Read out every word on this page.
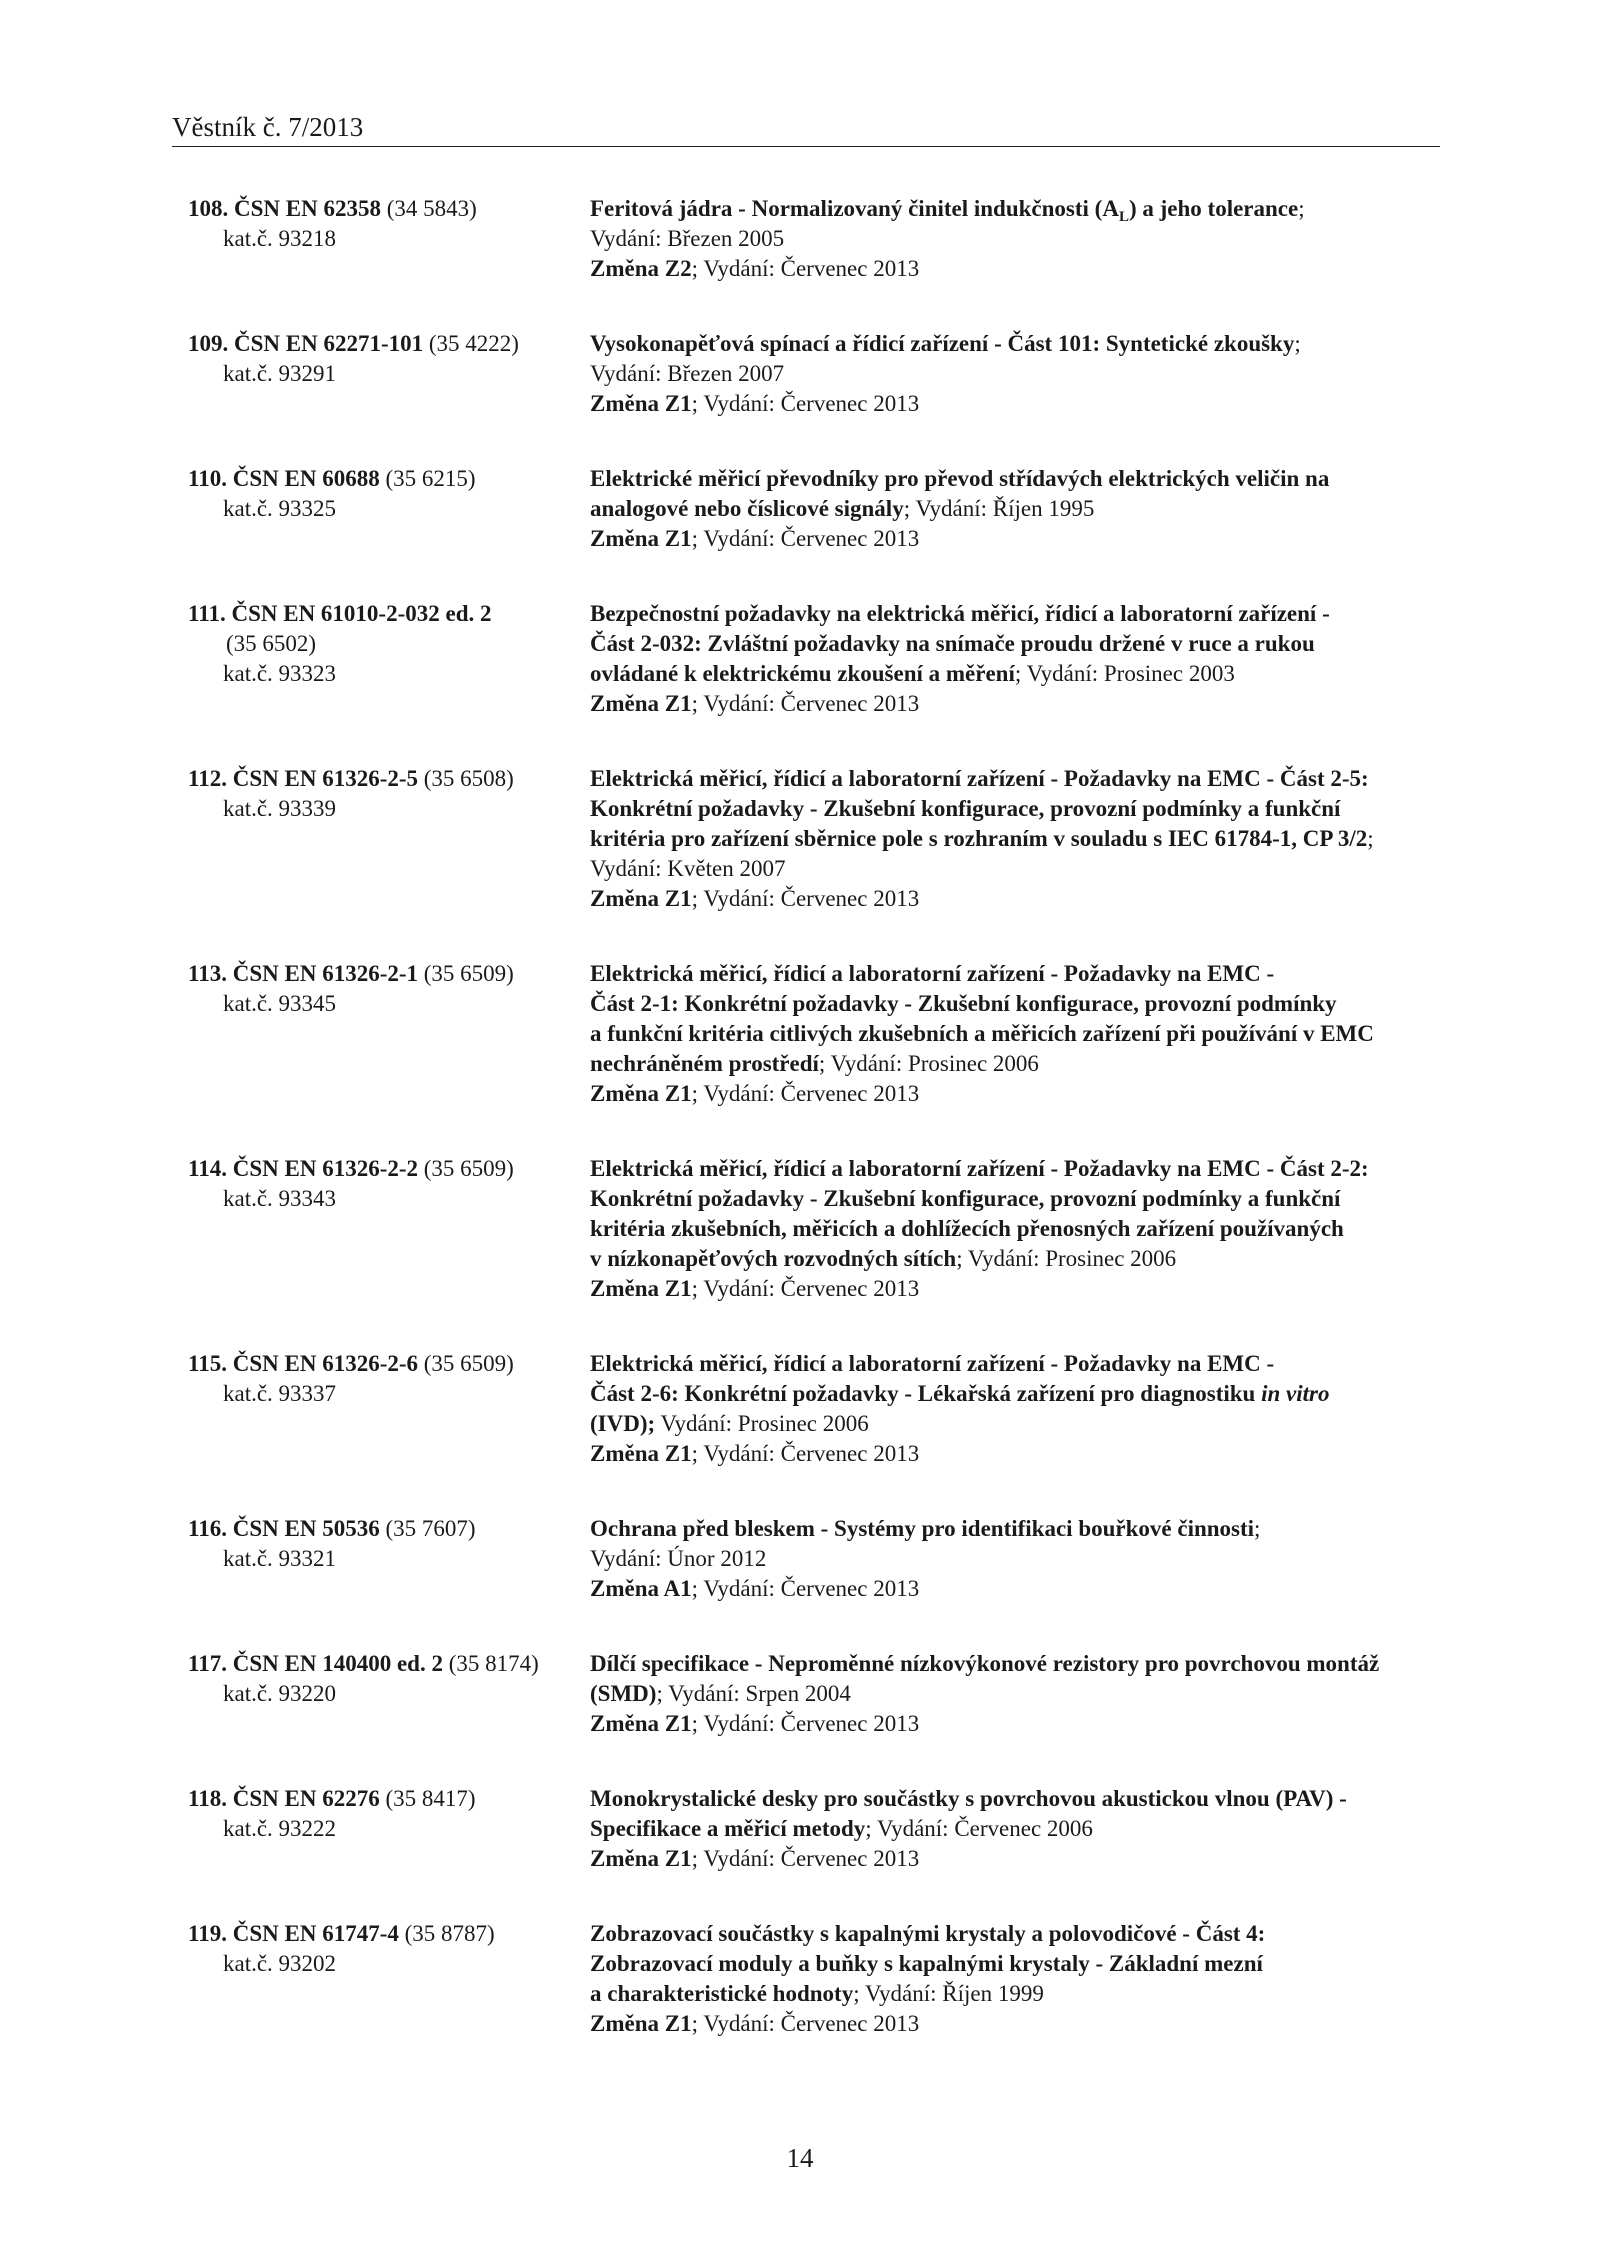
Věstník č. 7/2013
108. ČSN EN 62358 (34 5843)
kat.č. 93218
Feritová jádra - Normalizovaný činitel indukčnosti $(A_L)$ a jeho tolerance;
Vydání: Březen 2005
Změna Z2; Vydání: Červenec 2013
109. ČSN EN 62271-101 (35 4222)
kat.č. 93291
Vysokonapěťová spínací a řídicí zařízení - Část 101: Syntetické zkoušky;
Vydání: Březen 2007
Změna Z1; Vydání: Červenec 2013
110. ČSN EN 60688 (35 6215)
kat.č. 93325
Elektrické měřicí převodníky pro převod střídavých elektrických veličin na
analogové nebo číslicové signály; Vydání: Říjen 1995
Změna Z1; Vydání: Červenec 2013
111. ČSN EN 61010-2-032 ed. 2
(35 6502)
kat.č. 93323
Bezpečnostní požadavky na elektrická měřicí, řídicí a laboratorní zařízení -
Část 2-032: Zvláštní požadavky na snímače proudu držené v ruce a rukou
ovládané k elektrickému zkoušení a měření; Vydání: Prosinec 2003
Změna Z1; Vydání: Červenec 2013
112. ČSN EN 61326-2-5 (35 6508)
kat.č. 93339
Elektrická měřicí, řídicí a laboratorní zařízení - Požadavky na EMC - Část 2-5:
Konkrétní požadavky - Zkušební konfigurace, provozní podmínky a funkční
kritéria pro zařízení sběrnice pole s rozhraním v souladu s IEC 61784-1, CP 3/2;
Vydání: Květen 2007
Změna Z1; Vydání: Červenec 2013
113. ČSN EN 61326-2-1 (35 6509)
kat.č. 93345
Elektrická měřicí, řídicí a laboratorní zařízení - Požadavky na EMC -
Část 2-1: Konkrétní požadavky - Zkušební konfigurace, provozní podmínky
a funkční kritéria citlivých zkušebních a měřicích zařízení při používání v EMC
nechráněném prostředí; Vydání: Prosinec 2006
Změna Z1; Vydání: Červenec 2013
114. ČSN EN 61326-2-2 (35 6509)
kat.č. 93343
Elektrická měřicí, řídicí a laboratorní zařízení - Požadavky na EMC - Část 2-2:
Konkrétní požadavky - Zkušební konfigurace, provozní podmínky a funkční
kritéria zkušebních, měřicích a dohlížecích přenosných zařízení používaných
v nízkonapěťových rozvodných sítích; Vydání: Prosinec 2006
Změna Z1; Vydání: Červenec 2013
115. ČSN EN 61326-2-6 (35 6509)
kat.č. 93337
Elektrická měřicí, řídicí a laboratorní zařízení - Požadavky na EMC -
Část 2-6: Konkrétní požadavky - Lékařská zařízení pro diagnostiku in vitro
(IVD); Vydání: Prosinec 2006
Změna Z1; Vydání: Červenec 2013
116. ČSN EN 50536 (35 7607)
kat.č. 93321
Ochrana před bleskem - Systémy pro identifikaci bouřkové činnosti;
Vydání: Únor 2012
Změna A1; Vydání: Červenec 2013
117. ČSN EN 140400 ed. 2 (35 8174)
kat.č. 93220
Dílčí specifikace - Neproměnné nízkovýkonové rezistory pro povrchovou montáž
(SMD); Vydání: Srpen 2004
Změna Z1; Vydání: Červenec 2013
118. ČSN EN 62276 (35 8417)
kat.č. 93222
Monokrystalické desky pro součástky s povrchovou akustickou vlnou (PAV) -
Specifikace a měřicí metody; Vydání: Červenec 2006
Změna Z1; Vydání: Červenec 2013
119. ČSN EN 61747-4 (35 8787)
kat.č. 93202
Zobrazovací součástky s kapalnými krystaly a polovodičové - Část 4:
Zobrazovací moduly a buňky s kapalnými krystaly - Základní mezní
a charakteristické hodnoty; Vydání: Říjen 1999
Změna Z1; Vydání: Červenec 2013
14
